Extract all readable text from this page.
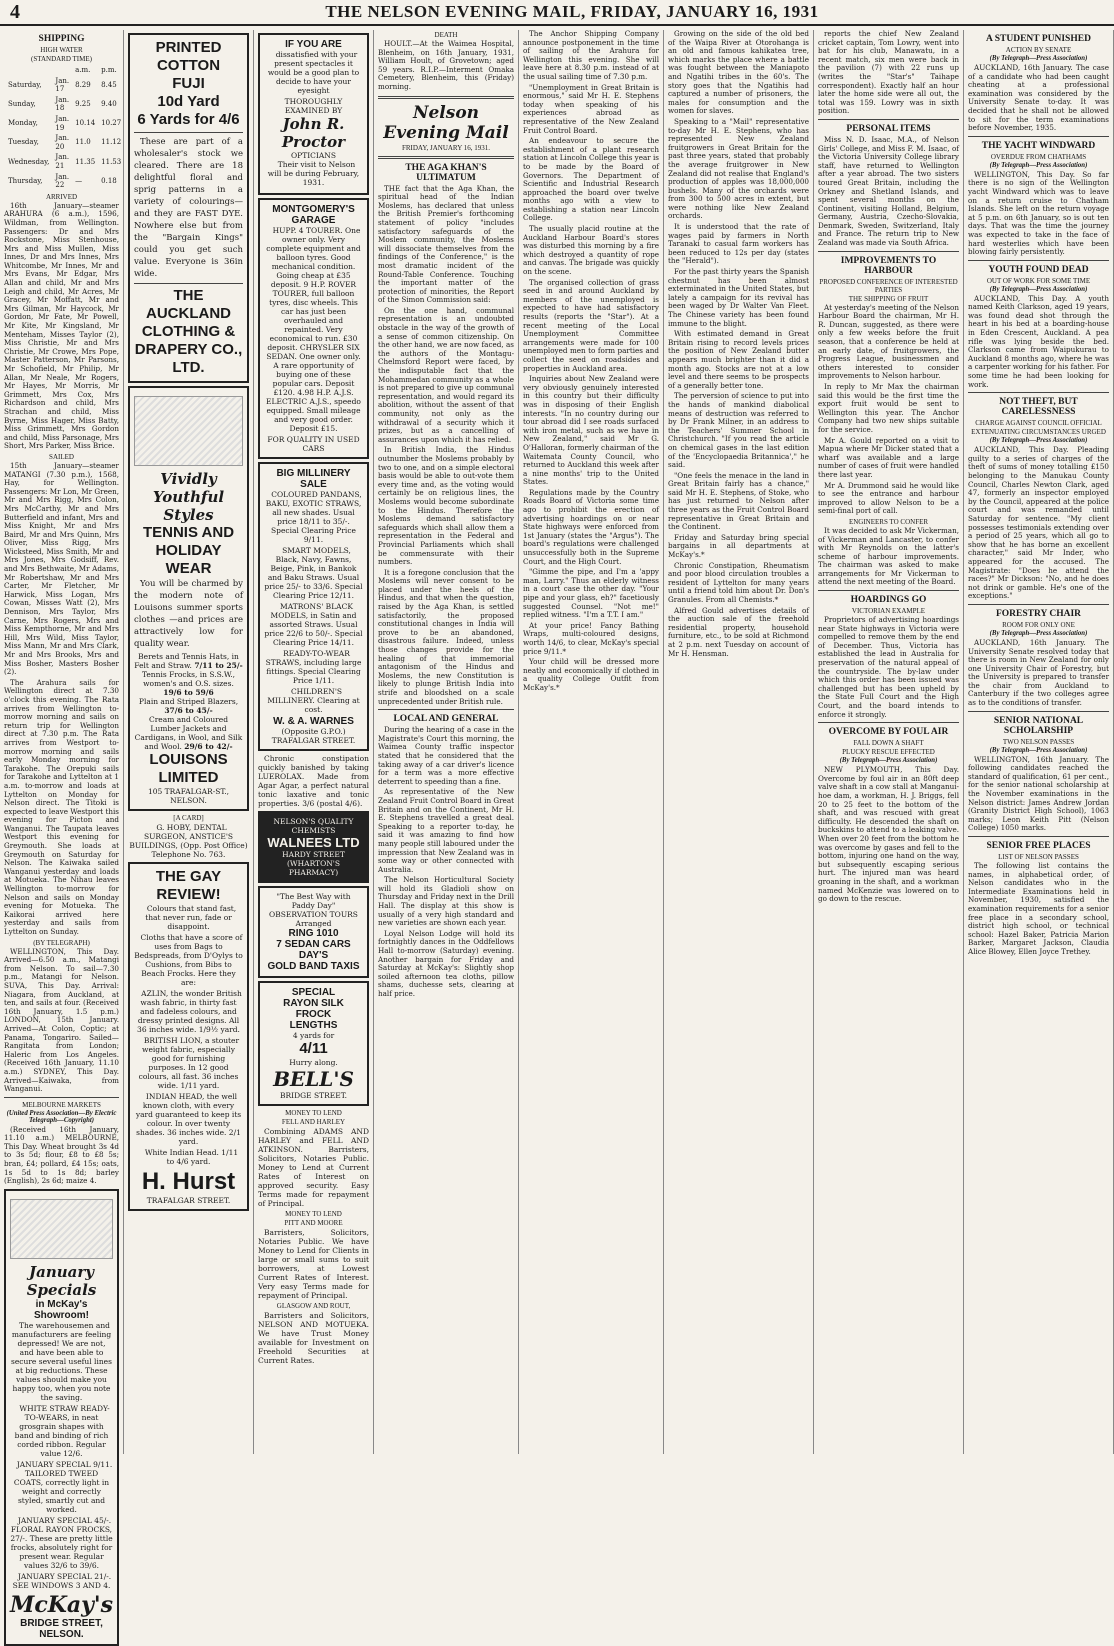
4	THE NELSON EVENING MAIL, FRIDAY, JANUARY 16, 1931
SHIPPING
HIGH WATER
(STANDARD TIME)
		a.m.	p.m.
Saturday,	Jan. 17	8.29	8.45
Sunday,	Jan. 18	9.25	9.40
Monday,	Jan. 19	10.14	10.27
Tuesday,	Jan. 20	11.0	11.12
Wednesday,	Jan. 21	11.35	11.53
Thursday,	Jan. 22	—	0.18
ARRIVED

16th January—steamer ARAHURA (6 a.m.), 1596, Wildman, from Wellington. Passengers: Dr and Mrs Rockstone, Miss Stenhouse, Mrs and Miss Mullen, Miss Innes, Dr and Mrs Innes, Mrs Whitcombe, Mr Innes, Mr and Mrs Evans, Mr Edgar, Mrs Allan and child, Mr and Mrs Leigh and child, Mr Acres, Mr Gracey, Mr Moffatt, Mr and Mrs Gilman, Mr Haycock, Mr Gordon, Mr Fate, Mr Powell, Mr Kite, Mr Kingsland, Mr Menteham, Misses Taylor (2), Miss Christie, Mr and Mrs Christie, Mr Crowe, Mrs Pope, Master Patterson, Mr Parsons, Mr Schofield, Mr Philip, Mr Allan, Mr Neale, Mr Rogers, Mr Hayes, Mr Morris, Mr Grimmett, Mrs Cox, Mrs Richardson and child, Mrs Strachan and child, Miss Byrne, Miss Hager, Miss Batty, Miss Grimmett, Mrs Gordon and child, Miss Parsonage, Mrs Short, Mrs Parker, Miss Brice.

SAILED

15th January—steamer MATANGI (7.30 p.m.), 1568, Hay, for Wellington. Passengers: Mr Lon, Mr Green, Mr and Mrs Rigg, Mrs Colon, Mrs McCarthy, Mr and Mrs Butterfield and infant, Mrs and Miss Knight, Mr and Mrs Baird, Mr and Mrs Quinn, Mrs Oliver, Miss Rigg, Mrs Wicksteed, Miss Smith, Mr and Mrs Jones, Mrs Godsiff, Rev. and Mrs Bethwaite, Mr Adams, Mr Robertshaw, Mr and Mrs Carter, Mr Fletcher, Mr Harwick, Miss Logan, Mrs Cowan, Misses Watt (2), Mrs Dennison, Mrs Taylor, Mrs Carne, Mrs Rogers, Mrs and Miss Kempthorne, Mr and Mrs Hill, Mrs Wild, Miss Taylor, Miss Mann, Mr and Mrs Clark, Mr and Mrs Brooks, Mrs and Miss Bosher, Masters Bosher (2).

The Arahura sails for Wellington direct at 7.30 o'clock this evening. The Rata arrives from Wellington to-morrow morning and sails on return trip for Wellington direct at 7.30 p.m. The Rata arrives from Westport to-morrow morning and sails early Monday morning for Tarakohe. The Orepuki sails for Tarakohe and Lyttelton at 1 a.m. to-morrow and loads at Lyttelton on Monday for Nelson direct. The Titoki is expected to leave Westport this evening for Picton and Wanganui. The Taupata leaves Westport this evening for Greymouth. She loads at Greymouth on Saturday for Nelson. The Kaiwaka sailed Wanganui yesterday and loads at Motueka. The Nihau leaves Wellington to-morrow for Nelson and sails on Monday evening for Motueka. The Kaikorai arrived here yesterday and sails from Lyttelton on Sunday.

(BY TELEGRAPH)

WELLINGTON, This Day. Arrived—6.50 a.m., Matangi from Nelson. To sail—7.30 p.m., Matangi for Nelson. SUVA, This Day. Arrival: Niagara, from Auckland, at ten, and sails at four. (Received 16th January, 1.5 p.m.) LONDON, 15th January. Arrived—At Colon, Coptic; at Panama, Tongariro. Sailed—Rangitata from London; Haleric from Los Angeles. (Received 16th January, 11.10 a.m.) SYDNEY, This Day. Arrived—Kaiwaka, from Wanganui.

MELBOURNE MARKETS
(United Press Association—By Electric Telegraph—Copyright)

(Received 16th January, 11.10 a.m.) MELBOURNE, This Day. Wheat brought 3s 4d to 3s 5d; flour, £8 to £8 5s; bran, £4; pollard, £4 15s; oats, 1s 5d to 1s 8d; barley (English), 2s 6d; maize 4.

January Specials
in McKay's Showroom!

The warehousemen and manufacturers are feeling depressed! We are not, and have been able to secure several useful lines at big reductions. These values should make you happy too, when you note the saving.

WHITE STRAW READY-TO-WEARS, in neat grosgrain shapes with band and binding of rich corded ribbon. Regular value 12/6.

JANUARY SPECIAL 9/11. TAILORED TWEED COATS, correctly light in weight and correctly styled, smartly cut and worked.

JANUARY SPECIAL 45/-. FLORAL RAYON FROCKS, 27/-. These are pretty little frocks, absolutely right for present wear. Regular values 32/6 to 39/6.

JANUARY SPECIAL 21/-. SEE WINDOWS 3 AND 4.

McKay's
BRIDGE STREET,
NELSON.
PRINTED COTTON
FUJI
10d Yard
6 Yards for 4/6

These are part of a wholesaler's stock we cleared. There are 18 delightful floral and sprig patterns in a variety of colourings—and they are FAST DYE. Nowhere else but from the "Bargain Kings" could you get such value. Everyone is 36in wide.

THE AUCKLAND
CLOTHING & DRAPERY CO., LTD.
Vividly
Youthful
Styles
TENNIS AND
HOLIDAY
WEAR

You will be charmed by the modern note of Louisons summer sports clothes —and prices are attractively low for quality wear.

Berets and Tennis Hats, in Felt and Straw. 7/11 to 25/-
Tennis Frocks, in S.S.W., women's and O.S. sizes. 19/6 to 59/6
Plain and Striped Blazers, 37/6 to 45/-
Cream and Coloured Lumber Jackets and Cardigans, in Wool, and Silk and Wool. 29/6 to 42/-
LOUISONS
LIMITED
105 TRAFALGAR-ST., NELSON.
[A CARD]

G. HOBY, DENTAL SURGEON, ANSTICE'S BUILDINGS, (Opp. Post Office) Telephone No. 763.

THE GAY
REVIEW!

Colours that stand fast, that never run, fade or disappoint.

Cloths that have a score of uses from Bags to Bedspreads, from D'Oylys to Cushions, from Bibs to Beach Frocks. Here they are:

AZLIN, the wonder British wash fabric, in thirty fast and fadeless colours, and dressy printed designs. All 36 inches wide. 1/9½ yard.

BRITISH LION, a stouter weight fabric, especially good for furnishing purposes. In 12 good colours, all fast. 36 inches wide. 1/11 yard.

INDIAN HEAD, the well known cloth, with every yard guaranteed to keep its colour. In over twenty shades. 36 inches wide. 2/1 yard.

White Indian Head. 1/11 to 4/6 yard.

H. Hurst
TRAFALGAR STREET.
IF YOU ARE

dissatisfied with your present spectacles it would be a good plan to decide to have your eyesight

THOROUGHLY EXAMINED BY
John R. Proctor
OPTICIANS

Their visit to Nelson will be during February, 1931.

MONTGOMERY'S
GARAGE

HUPP. 4 TOURER. One owner only. Very complete equipment and balloon tyres. Good mechanical condition. Going cheap at £35 deposit. 9 H.P. ROVER TOURER, full balloon tyres, disc wheels. This car has just been overhauled and repainted. Very economical to run. £30 deposit. CHRYSLER SIX SEDAN. One owner only. A rare opportunity of buying one of these popular cars. Deposit £120. 4.98 H.P. A.J.S. ELECTRIC A.J.S., speedo equipped. Small mileage and very good order. Deposit £15.

FOR QUALITY IN USED CARS
BIG MILLINERY
SALE

COLOURED PANDANS, BAKU, EXOTIC STRAWS, all new shades. Usual price 18/11 to 35/-. Special Clearing Price 9/11.

SMART MODELS, Black, Navy, Fawns, Beige, Pink, in Bankok and Baku Straws. Usual price 25/- to 33/6. Special Clearing Price 12/11.

MATRONS' BLACK MODELS, in Satin and assorted Straws. Usual price 22/6 to 50/-. Special Clearing Price 14/11.

READY-TO-WEAR STRAWS, including large fittings. Special Clearing Price 1/11.

CHILDREN'S MILLINERY. Clearing at cost.

W. & A. WARNES
(Opposite G.P.O.)
TRAFALGAR STREET.

Chronic constipation quickly banished by taking LUEROLAX. Made from Agar Agar, a perfect natural tonic laxative and tonic properties. 3/6 (postal 4/6).

NELSON'S QUALITY CHEMISTS
WALNEES LTD
HARDY STREET
(WHARTON'S PHARMACY)
"The Best Way with Paddy Day"
OBSERVATION TOURS Arranged
RING 1010
7 SEDAN CARS
DAY'S
GOLD BAND TAXIS
SPECIAL
RAYON SILK FROCK
LENGTHS
4 yards for
4/11
Hurry along.
BELL'S
BRIDGE STREET.
MONEY TO LEND
FELL AND HARLEY

Combining ADAMS AND HARLEY and FELL AND ATKINSON. Barristers, Solicitors, Notaries Public. Money to Lend at Current Rates of Interest on approved security. Easy Terms made for repayment of Principal.

MONEY TO LEND
PITT AND MOORE

Barristers, Solicitors, Notaries Public. We have Money to Lend for Clients in large or small sums to suit borrowers, at Lowest Current Rates of Interest. Very easy Terms made for repayment of Principal.

GLASGOW AND ROUT,

Barristers and Solicitors, NELSON AND MOTUEKA. We have Trust Money available for Investment on Freehold Securities at Current Rates.

DEATH

HOULT.—At the Waimea Hospital, Blenheim, on 16th January, 1931, William Hoult, of Grovetown; aged 59 years. R.I.P.—Interment Omaka Cemetery, Blenheim, this (Friday) morning.

Nelson Evening Mail
FRIDAY, JANUARY 16, 1931.
THE AGA KHAN'S ULTIMATUM

THE fact that the Aga Khan, the spiritual head of the Indian Moslems, has declared that unless the British Premier's forthcoming statement of policy "includes satisfactory safeguards of the Moslem community, the Moslems will dissociate themselves from the findings of the Conference," is the most dramatic incident of the Round-Table Conference. Touching the important matter of the protection of minorities, the Report of the Simon Commission said:

On the one hand, communal representation is an undoubted obstacle in the way of the growth of a sense of common citizenship. On the other hand, we are now faced, as the authors of the Montagu-Chelmsford Report were faced, by the indisputable fact that the Mohammedan community as a whole is not prepared to give up communal representation, and would regard its abolition, without the assent of that community, not only as the withdrawal of a security which it prizes, but as a cancelling of assurances upon which it has relied.

In British India, the Hindus outnumber the Moslems probably by two to one, and on a simple electoral basis would be able to out-vote them every time and, as the voting would certainly be on religious lines, the Moslems would become subordinate to the Hindus. Therefore the Moslems demand satisfactory safeguards which shall allow them a representation in the Federal and Provincial Parliaments which shall be commensurate with their numbers.

It is a foregone conclusion that the Moslems will never consent to be placed under the heels of the Hindus, and that when the question, raised by the Aga Khan, is settled satisfactorily, the proposed constitutional changes in India will prove to be an abandoned, disastrous failure. Indeed, unless those changes provide for the healing of that immemorial antagonism of the Hindus and Moslems, the new Constitution is likely to plunge British India into strife and bloodshed on a scale unprecedented under British rule.

LOCAL AND GENERAL

During the hearing of a case in the Magistrate's Court this morning, the Waimea County traffic inspector stated that he considered that the taking away of a car driver's licence for a term was a more effective deterrent to speeding than a fine.

As representative of the New Zealand Fruit Control Board in Great Britain and on the Continent, Mr H. E. Stephens travelled a great deal. Speaking to a reporter to-day, he said it was amazing to find how many people still laboured under the impression that New Zealand was in some way or other connected with Australia.

The Nelson Horticultural Society will hold its Gladioli show on Thursday and Friday next in the Drill Hall. The display at this show is usually of a very high standard and new varieties are shown each year.

Loyal Nelson Lodge will hold its fortnightly dances in the Oddfellows Hall to-morrow (Saturday) evening. Another bargain for Friday and Saturday at McKay's: Slightly shop soiled afternoon tea cloths, pillow shams, duchesse sets, clearing at half price.

The Anchor Shipping Company announce postponement in the time of sailing of the Arahura for Wellington this evening. She will leave here at 8.30 p.m. instead of at the usual sailing time of 7.30 p.m.

"Unemployment in Great Britain is enormous," said Mr H. E. Stephens today when speaking of his experiences abroad as representative of the New Zealand Fruit Control Board.

An endeavour to secure the establishment of a plant research station at Lincoln College this year is to be made by the Board of Governors. The Department of Scientific and Industrial Research approached the board over twelve months ago with a view to establishing a station near Lincoln College.

The usually placid routine at the Auckland Harbour Board's stores was disturbed this morning by a fire which destroyed a quantity of rope and canvas. The brigade was quickly on the scene.

The organised collection of grass seed in and around Auckland by members of the unemployed is expected to have had satisfactory results (reports the "Star"). At a recent meeting of the Local Unemployment Committee arrangements were made for 100 unemployed men to form parties and collect the seed on roadsides and properties in Auckland area.

Inquiries about New Zealand were very obviously genuinely interested in this country but their difficulty was in disposing of their English interests. "In no country during our tour abroad did I see roads surfaced with iron metal, such as we have in New Zealand," said Mr G. O'Halloran, formerly chairman of the Waitemata County Council, who returned to Auckland this week after a nine months' trip to the United States.

Regulations made by the Country Roads Board of Victoria some time ago to prohibit the erection of advertising hoardings on or near State highways were enforced from 1st January (states the "Argus"). The board's regulations were challenged unsuccessfully both in the Supreme Court, and the High Court.

"Gimme the pipe, and I'm a 'appy man, Larry." Thus an elderly witness in a court case the other day. "Your pipe and your glass, eh?" facetiously suggested Counsel. "Not me!" replied witness. "I'm a T.T. I am."

At your price! Fancy Bathing Wraps, multi-coloured designs, worth 14/6, to clear, McKay's special price 9/11.*

Your child will be dressed more neatly and economically if clothed in a quality College Outfit from McKay's.*

Growing on the side of the old bed of the Waipa River at Otorohanga is an old and famous kahikatea tree, which marks the place where a battle was fought between the Maniapoto and Ngatihi tribes in the 60's. The story goes that the Ngatihis had captured a number of prisoners, the males for consumption and the women for slaves.

Speaking to a "Mail" representative to-day Mr H. E. Stephens, who has represented New Zealand fruitgrowers in Great Britain for the past three years, stated that probably the average fruitgrower in New Zealand did not realise that England's production of apples was 18,000,000 bushels. Many of the orchards were from 300 to 500 acres in extent, but were nothing like New Zealand orchards.

It is understood that the rate of wages paid by farmers in North Taranaki to casual farm workers has been reduced to 12s per day (states the "Herald").

For the past thirty years the Spanish chestnut has been almost exterminated in the United States, but lately a campaign for its revival has been waged by Dr Walter Van Fleet. The Chinese variety has been found immune to the blight.

With estimated demand in Great Britain rising to record levels prices the position of New Zealand butter appears much brighter than it did a month ago. Stocks are not at a low level and there seems to be prospects of a generally better tone.

The perversion of science to put into the hands of mankind diabolical means of destruction was referred to by Dr Frank Milner, in an address to the Teachers' Summer School in Christchurch. "If you read the article on chemical gases in the last edition of the 'Encyclopaedia Britannica'," he said.

"One feels the menace in the land in Great Britain fairly has a chance," said Mr H. E. Stephens, of Stoke, who has just returned to Nelson after three years as the Fruit Control Board representative in Great Britain and the Continent.

Friday and Saturday bring special bargains in all departments at McKay's.*

Chronic Constipation, Rheumatism and poor blood circulation troubles a resident of Lyttelton for many years until a friend told him about Dr. Don's Granules. From all Chemists.*

Alfred Gould advertises details of the auction sale of the freehold residential property, household furniture, etc., to be sold at Richmond at 2 p.m. next Tuesday on account of Mr H. Hensman.

reports the chief New Zealand cricket captain, Tom Lowry, went into bat for his club, Manawatu, in a recent match, six men were back in the pavilion (7) with 22 runs up (writes the "Star's" Taihape correspondent). Exactly half an hour later the home side were all out, the total was 159. Lowry was in sixth position.

PERSONAL ITEMS

Miss N. D. Isaac, M.A., of Nelson Girls' College, and Miss F. M. Isaac, of the Victoria University College library staff, have returned to Wellington after a year abroad. The two sisters toured Great Britain, including the Orkney and Shetland Islands, and spent several months on the Continent, visiting Holland, Belgium, Germany, Austria, Czecho-Slovakia, Denmark, Sweden, Switzerland, Italy and France. The return trip to New Zealand was made via South Africa.

IMPROVEMENTS TO HARBOUR
PROPOSED CONFERENCE OF INTERESTED PARTIES
THE SHIPPING OF FRUIT

At yesterday's meeting of the Nelson Harbour Board the chairman, Mr H. R. Duncan, suggested, as there were only a few weeks before the fruit season, that a conference be held at an early date, of fruitgrowers, the Progress League, businessmen and others interested to consider improvements to Nelson harbour.

In reply to Mr Max the chairman said this would be the first time the export fruit would be sent to Wellington this year. The Anchor Company had two new ships suitable for the service.

Mr A. Gould reported on a visit to Mapua where Mr Dicker stated that a wharf was available and a large number of cases of fruit were handled there last year.

Mr A. Drummond said he would like to see the entrance and harbour improved to allow Nelson to be a semi-final port of call.

ENGINEERS TO CONFER

It was decided to ask Mr Vickerman, of Vickerman and Lancaster, to confer with Mr Reynolds on the latter's scheme of harbour improvements. The chairman was asked to make arrangements for Mr Vickerman to attend the next meeting of the Board.

HOARDINGS GO
VICTORIAN EXAMPLE

Proprietors of advertising hoardings near State highways in Victoria were compelled to remove them by the end of December. Thus, Victoria has established the lead in Australia for preservation of the natural appeal of the countryside. The by-law under which this order has been issued was challenged but has been upheld by the State Full Court and the High Court, and the board intends to enforce it strongly.

OVERCOME BY FOUL AIR
FALL DOWN A SHAFT
PLUCKY RESCUE EFFECTED
(By Telegraph—Press Association)

NEW PLYMOUTH, This Day. Overcome by foul air in an 80ft deep valve shaft in a cow stall at Manganui-hoe dam, a workman, H. J. Briggs, fell 20 to 25 feet to the bottom of the shaft, and was rescued with great difficulty. He descended the shaft on buckskins to attend to a leaking valve. When over 20 feet from the bottom he was overcome by gases and fell to the bottom, injuring one hand on the way, but subsequently escaping serious hurt. The injured man was heard groaning in the shaft, and a workman named McKenzie was lowered on to go down to the rescue.

A STUDENT PUNISHED
ACTION BY SENATE
(By Telegraph—Press Association)

AUCKLAND, 16th January. The case of a candidate who had been caught cheating at a professional examination was considered by the University Senate to-day. It was decided that he shall not be allowed to sit for the term examinations before November, 1935.

THE YACHT WINDWARD
OVERDUE FROM CHATHAMS
(By Telegraph—Press Association)

WELLINGTON, This Day. So far there is no sign of the Wellington yacht Windward which was to leave on a return cruise to Chatham Islands. She left on the return voyage at 5 p.m. on 6th January, so is out ten days. That was the time the journey was expected to take in the face of hard westerlies which have been blowing fairly persistently.

YOUTH FOUND DEAD
OUT OF WORK FOR SOME TIME
(By Telegraph—Press Association)

AUCKLAND, This Day. A youth named Keith Clarkson, aged 19 years, was found dead shot through the heart in his bed at a boarding-house in Eden Crescent, Auckland. A pea rifle was lying beside the bed. Clarkson came from Waipukurau to Auckland 8 months ago, where he was a carpenter working for his father. For some time he had been looking for work.

NOT THEFT, BUT CARELESSNESS
CHARGE AGAINST COUNCIL OFFICIAL
EXTENUATING CIRCUMSTANCES URGED
(By Telegraph—Press Association)

AUCKLAND, This Day. Pleading guilty to a series of charges of the theft of sums of money totalling £150 belonging to the Manukau County Council, Charles Newton Clark, aged 47, formerly an inspector employed by the Council, appeared at the police court and was remanded until Saturday for sentence. "My client possesses testimonials extending over a period of 25 years, which all go to show that he has borne an excellent character," said Mr Inder, who appeared for the accused. The Magistrate: "Does he attend the races?" Mr Dickson: "No, and he does not drink or gamble. He's one of the exceptions."

FORESTRY CHAIR
ROOM FOR ONLY ONE
(By Telegraph—Press Association)

AUCKLAND, 16th January. The University Senate resolved today that there is room in New Zealand for only one University Chair of Forestry, but the University is prepared to transfer the chair from Auckland to Canterbury if the two colleges agree as to the conditions of transfer.

SENIOR NATIONAL SCHOLARSHIP
TWO NELSON PASSES
(By Telegraph—Press Association)

WELLINGTON, 16th January. The following candidates reached the standard of qualification, 61 per cent., for the senior national scholarship at the November examinations in the Nelson district: James Andrew Jordan (Granity District High School), 1063 marks; Leon Keith Pitt (Nelson College) 1050 marks.

SENIOR FREE PLACES
LIST OF NELSON PASSES

The following list contains the names, in alphabetical order, of Nelson candidates who in the Intermediate Examinations held in November, 1930, satisfied the examination requirements for a senior free place in a secondary school, district high school, or technical school: Hazel Baker, Patricia Marion Barker, Margaret Jackson, Claudia Alice Blowey, Ellen Joyce Trethey.
